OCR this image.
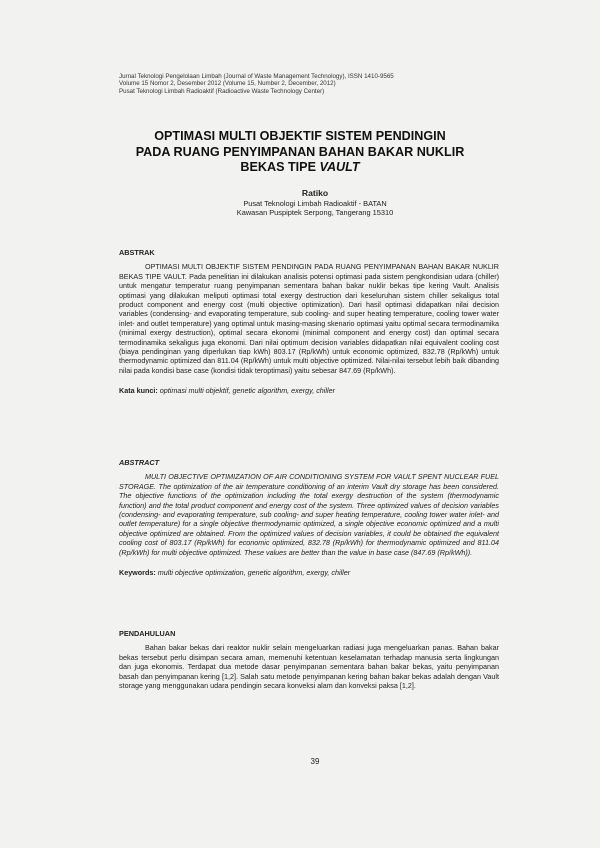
Jurnal Teknologi Pengelolaan Limbah (Journal of Waste Management Technology), ISSN 1410-9565
Volume 15 Nomor 2, Desember 2012 (Volume 15, Number 2, December, 2012)
Pusat Teknologi Limbah Radioaktif (Radioactive Waste Technology Center)
OPTIMASI MULTI OBJEKTIF SISTEM PENDINGIN
PADA RUANG PENYIMPANAN BAHAN BAKAR NUKLIR
BEKAS TIPE VAULT
Ratiko
Pusat Teknologi Limbah Radioaktif - BATAN
Kawasan Puspiptek Serpong, Tangerang 15310
ABSTRAK

OPTIMASI MULTI OBJEKTIF SISTEM PENDINGIN PADA RUANG PENYIMPANAN BAHAN BAKAR NUKLIR BEKAS TIPE VAULT. Pada penelitian ini dilakukan analisis potensi optimasi pada sistem pengkondisian udara (chiller) untuk mengatur temperatur ruang penyimpanan sementara bahan bakar nuklir bekas tipe kering Vault. Analisis optimasi yang dilakukan meliputi optimasi total exergy destruction dari keseluruhan sistem chiller sekaligus total product component and energy cost (multi objective optimization). Dari hasil optimasi didapatkan nilai decision variables (condensing- and evaporating temperature, sub cooling- and super heating temperature, cooling tower water inlet- and outlet temperature) yang optimal untuk masing-masing skenario optimasi yaitu optimal secara termodinamika (minimal exergy destruction), optimal secara ekonomi (minimal component and energy cost) dan optimal secara termodinamika sekaligus juga ekonomi. Dari nilai optimum decision variables didapatkan nilai equivalent cooling cost (biaya pendinginan yang diperlukan tiap kWh) 803.17 (Rp/kWh) untuk economic optimized, 832.78 (Rp/kWh) untuk thermodynamic optimized dan 811.04 (Rp/kWh) untuk multi objective optimized. Nilai-nilai tersebut lebih baik dibanding nilai pada kondisi base case (kondisi tidak teroptimasi) yaitu sebesar 847.69 (Rp/kWh).

Kata kunci: optimasi multi objektif, genetic algorithm, exergy, chiller
ABSTRACT

MULTI OBJECTIVE OPTIMIZATION OF AIR CONDITIONING SYSTEM FOR VAULT SPENT NUCLEAR FUEL STORAGE. The optimization of the air temperature conditioning of an interim Vault dry storage has been considered. The objective functions of the optimization including the total exergy destruction of the system (thermodynamic function) and the total product component and energy cost of the system. Three optimized values of decision variables (condensing- and evaporating temperature, sub cooling- and super heating temperature, cooling tower water inlet- and outlet temperature) for a single objective thermodynamic optimized, a single objective economic optimized and a multi objective optimized are obtained. From the optimized values of decision variables, it could be obtained the equivalent cooling cost of 803.17 (Rp/kWh) for economic optimized, 832.78 (Rp/kWh) for thermodynamic optimized and 811.04 (Rp/kWh) for multi objective optimized. These values are better than the value in base case (847.69 (Rp/kWh)).

Keywords: multi objective optimization, genetic algorithm, exergy, chiller
PENDAHULUAN

Bahan bakar bekas dari reaktor nuklir selain mengeluarkan radiasi juga mengeluarkan panas. Bahan bakar bekas tersebut perlu disimpan secara aman, memenuhi ketentuan keselamatan terhadap manusia serta lingkungan dan juga ekonomis. Terdapat dua metode dasar penyimpanan sementara bahan bakar bekas, yaitu penyimpanan basah dan penyimpanan kering [1,2]. Salah satu metode penyimpanan kering bahan bakar bekas adalah dengan Vault storage yang menggunakan udara pendingin secara konveksi alam dan konveksi paksa [1,2].

39
